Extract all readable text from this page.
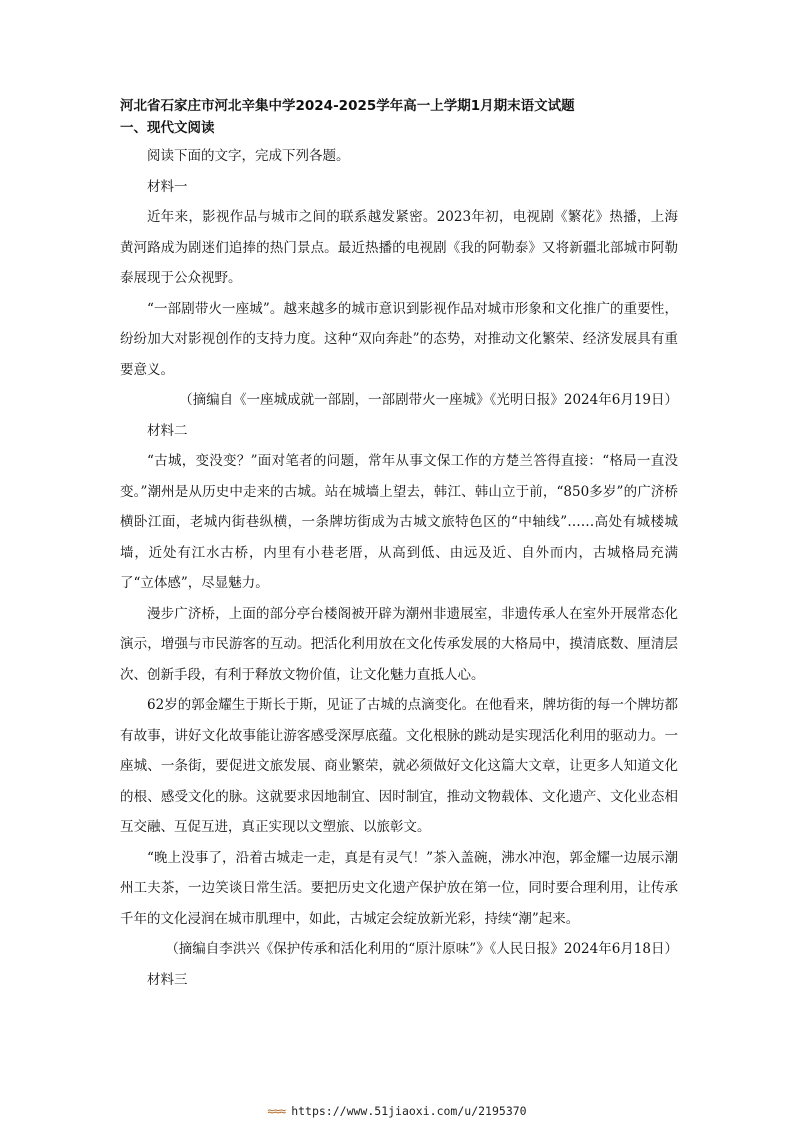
河北省石家庄市河北辛集中学2024-2025学年高一上学期1月期末语文试题

一、现代文阅读

阅读下面的文字，完成下列各题。

材料一

近年来，影视作品与城市之间的联系越发紧密。2023年初，电视剧《繁花》热播，上海黄河路成为剧迷们追捧的热门景点。最近热播的电视剧《我的阿勒泰》又将新疆北部城市阿勒泰展现于公众视野。

“一部剧带火一座城”。越来越多的城市意识到影视作品对城市形象和文化推广的重要性，纷纷加大对影视创作的支持力度。这种“双向奔赴”的态势，对推动文化繁荣、经济发展具有重要意义。

（摘编自《一座城成就一部剧，一部剧带火一座城》《光明日报》2024年6月19日）

材料二

“古城，变没变？”面对笔者的问题，常年从事文保工作的方楚兰答得直接：“格局一直没变。”潮州是从历史中走来的古城。站在城墙上望去，韩江、韩山立于前，“850多岁”的广济桥横卧江面，老城内街巷纵横，一条牌坊街成为古城文旅特色区的“中轴线”……高处有城楼城墙，近处有江水古桥，内里有小巷老厝，从高到低、由远及近、自外而内，古城格局充满了“立体感”，尽显魅力。

漫步广济桥，上面的部分亭台楼阁被开辟为潮州非遗展室，非遗传承人在室外开展常态化演示，增强与市民游客的互动。把活化利用放在文化传承发展的大格局中，摸清底数、厘清层次、创新手段，有利于释放文物价值，让文化魅力直抵人心。

62岁的郭金耀生于斯长于斯，见证了古城的点滴变化。在他看来，牌坊街的每一个牌坊都有故事，讲好文化故事能让游客感受深厚底蕴。文化根脉的跳动是实现活化利用的驱动力。一座城、一条街，要促进文旅发展、商业繁荣，就必须做好文化这篇大文章，让更多人知道文化的根、感受文化的脉。这就要求因地制宜、因时制宜，推动文物载体、文化遗产、文化业态相互交融、互促互进，真正实现以文塑旅、以旅彰文。

“晚上没事了，沿着古城走一走，真是有灵气！”茶入盖碗，沸水冲泡，郭金耀一边展示潮州工夫茶，一边笑谈日常生活。要把历史文化遗产保护放在第一位，同时要合理利用，让传承千年的文化浸润在城市肌理中，如此，古城定会绽放新光彩，持续“潮”起来。

（摘编自李洪兴《保护传承和活化利用的“原汁原味”》《人民日报》2024年6月18日）

材料三

≈≈≈ https://www.51jiaoxi.com/u/2195370
